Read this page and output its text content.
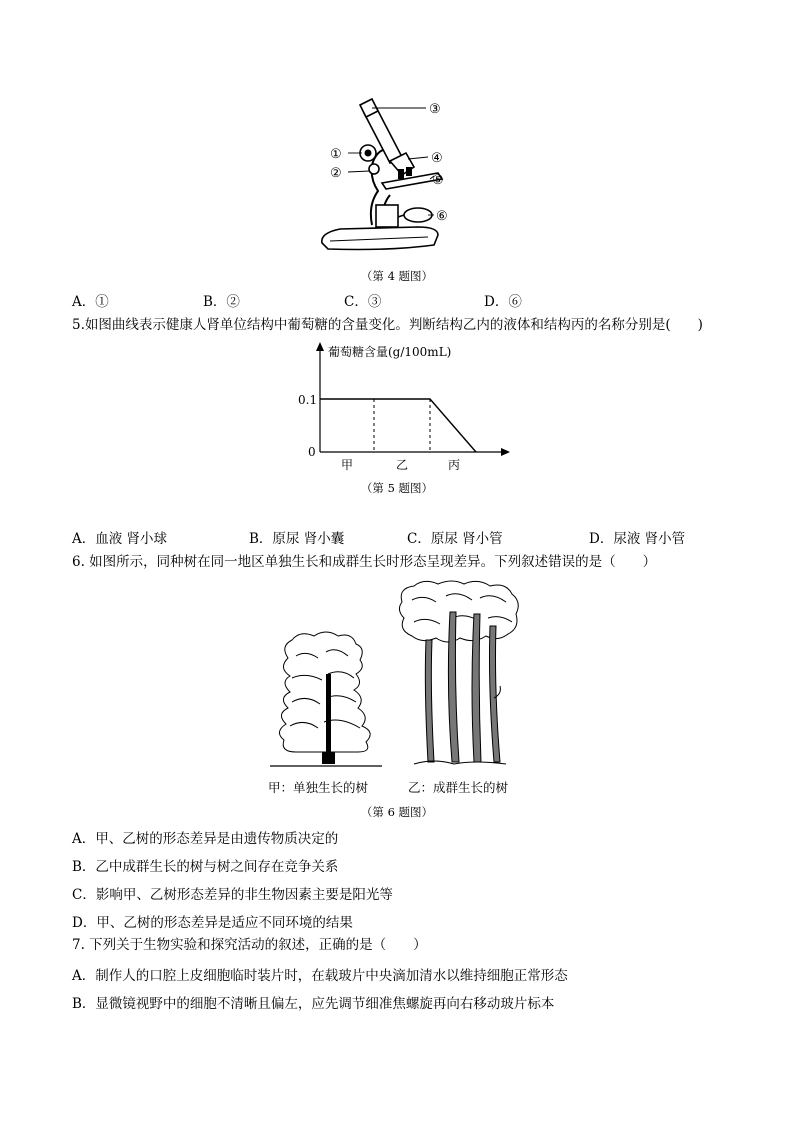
③
①
②
④
⑤
⑥
（第 4 题图）
A．①	B．②	C．③	D．⑥
5.如图曲线表示健康人肾单位结构中葡萄糖的含量变化。判断结构乙内的液体和结构丙的名称分别是(　　)
葡萄糖含量(g/100mL)
0.1
0
甲	乙	丙
（第 5 题图）
A．血液 肾小球	B．原尿 肾小囊	C．原尿 肾小管	D．尿液 肾小管
6. 如图所示，同种树在同一地区单独生长和成群生长时形态呈现差异。下列叙述错误的是（　　）
甲：单独生长的树	乙：成群生长的树
（第 6 题图）
A．甲、乙树的形态差异是由遗传物质决定的
B．乙中成群生长的树与树之间存在竞争关系
C．影响甲、乙树形态差异的非生物因素主要是阳光等
D．甲、乙树的形态差异是适应不同环境的结果
7. 下列关于生物实验和探究活动的叙述，正确的是（　　）
A．制作人的口腔上皮细胞临时装片时，在载玻片中央滴加清水以维持细胞正常形态
B．显微镜视野中的细胞不清晰且偏左，应先调节细准焦螺旋再向右移动玻片标本
